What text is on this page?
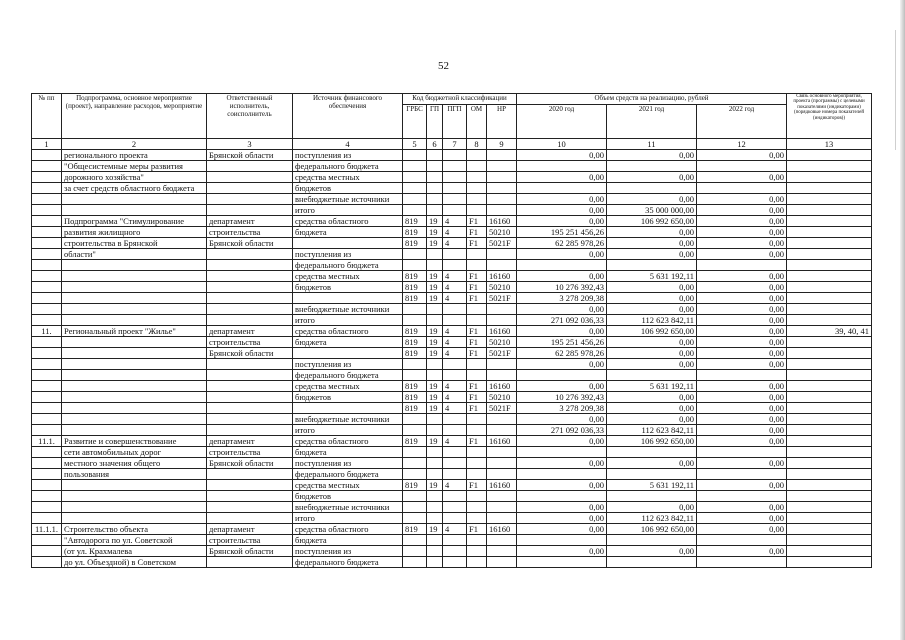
52
№ пп	Подпрограмма, основное мероприятие (проект), направление расходов, мероприятие	Ответственный исполнитель, соисполнитель	Источник финансового обеспечения	Код бюджетной классификации					Объем средств на реализацию, рублей			Связь основного мероприятия, проекта (программы) с целевыми показателями (индикаторами) (порядковые номера показателей (индикаторов))
				ГРБС	ГП	ПГП	ОМ	НР	2020 год	2021 год	2022 год	
1	2	3	4	5	6	7	8	9	10	11	12	13
	регионального проекта	Брянской области	поступления из						0,00	0,00	0,00	
	"Общесистемные меры развития		федерального бюджета									
	дорожного хозяйства"		средства местных						0,00	0,00	0,00	
	за счет средств областного бюджета		бюджетов									
			внебюджетные источники						0,00	0,00	0,00	
			итого						0,00	35 000 000,00	0,00	
	Подпрограмма "Стимулирование	департамент	средства областного	819	19	4	F1	16160	0,00	106 992 650,00	0,00	
	развития жилищного	строительства	бюджета	819	19	4	F1	50210	195 251 456,26	0,00	0,00	
	строительства в Брянской	Брянской области		819	19	4	F1	5021F	62 285 978,26	0,00	0,00	
	области"		поступления из						0,00	0,00	0,00	
			федерального бюджета									
			средства местных	819	19	4	F1	16160	0,00	5 631 192,11	0,00	
			бюджетов	819	19	4	F1	50210	10 276 392,43	0,00	0,00	
				819	19	4	F1	5021F	3 278 209,38	0,00	0,00	
			внебюджетные источники						0,00	0,00	0,00	
			итого						271 092 036,33	112 623 842,11	0,00	
11.	Региональный проект "Жилье"	департамент	средства областного	819	19	4	F1	16160	0,00	106 992 650,00	0,00	39, 40, 41
		строительства	бюджета	819	19	4	F1	50210	195 251 456,26	0,00	0,00	
		Брянской области		819	19	4	F1	5021F	62 285 978,26	0,00	0,00	
			поступления из						0,00	0,00	0,00	
			федерального бюджета									
			средства местных	819	19	4	F1	16160	0,00	5 631 192,11	0,00	
			бюджетов	819	19	4	F1	50210	10 276 392,43	0,00	0,00	
				819	19	4	F1	5021F	3 278 209,38	0,00	0,00	
			внебюджетные источники						0,00	0,00	0,00	
			итого						271 092 036,33	112 623 842,11	0,00	
11.1.	Развитие и совершенствование	департамент	средства областного	819	19	4	F1	16160	0,00	106 992 650,00	0,00	
	сети автомобильных дорог	строительства	бюджета									
	местного значения общего	Брянской области	поступления из						0,00	0,00	0,00	
	пользования		федерального бюджета									
			средства местных	819	19	4	F1	16160	0,00	5 631 192,11	0,00	
			бюджетов									
			внебюджетные источники						0,00	0,00	0,00	
			итого						0,00	112 623 842,11	0,00	
11.1.1.	Строительство объекта	департамент	средства областного	819	19	4	F1	16160	0,00	106 992 650,00	0,00	
	"Автодорога по ул. Советской	строительства	бюджета									
	(от ул. Крахмалева	Брянской области	поступления из						0,00	0,00	0,00	
	до ул. Объездной) в Советском		федерального бюджета									
